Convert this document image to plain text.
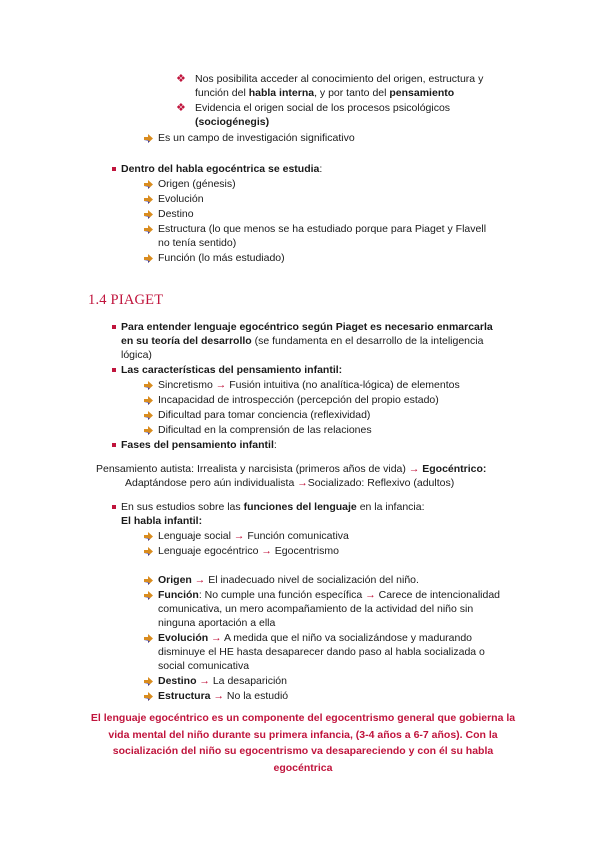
❖ Nos posibilita acceder al conocimiento del origen, estructura y
función del habla interna, y por tanto del pensamiento
❖ Evidencia el origen social de los procesos psicológicos
(sociogénegis)
Es un campo de investigación significativo
Dentro del habla egocéntrica se estudia:
Origen (génesis)
Evolución
Destino
Estructura (lo que menos se ha estudiado porque para Piaget y Flavell
no tenía sentido)
Función (lo más estudiado)
1.4 PIAGET
Para entender lenguaje egocéntrico según Piaget es necesario enmarcarla
en su teoría del desarrollo (se fundamenta en el desarrollo de la inteligencia
lógica)
Las características del pensamiento infantil:
Sincretismo → Fusión intuitiva (no analítica-lógica) de elementos
Incapacidad de introspección (percepción del propio estado)
Dificultad para tomar conciencia (reflexividad)
Dificultad en la comprensión de las relaciones
Fases del pensamiento infantil:
Pensamiento autista: Irrealista y narcisista (primeros años de vida) → Egocéntrico:
Adaptándose pero aún individualista →Socializado: Reflexivo (adultos)
En sus estudios sobre las funciones del lenguaje en la infancia:
El habla infantil:
Lenguaje social → Función comunicativa
Lenguaje egocéntrico → Egocentrismo
Origen → El inadecuado nivel de socialización del niño.
Función: No cumple una función específica → Carece de intencionalidad
comunicativa, un mero acompañamiento de la actividad del niño sin
ninguna aportación a ella
Evolución → A medida que el niño va socializándose y madurando
disminuye el HE hasta desaparecer dando paso al habla socializada o
social comunicativa
Destino → La desaparición
Estructura → No la estudió
El lenguaje egocéntrico es un componente del egocentrismo general que gobierna la
vida mental del niño durante su primera infancia, (3-4 años a 6-7 años). Con la
socialización del niño su egocentrismo va desapareciendo y con él su habla
egocéntrica
